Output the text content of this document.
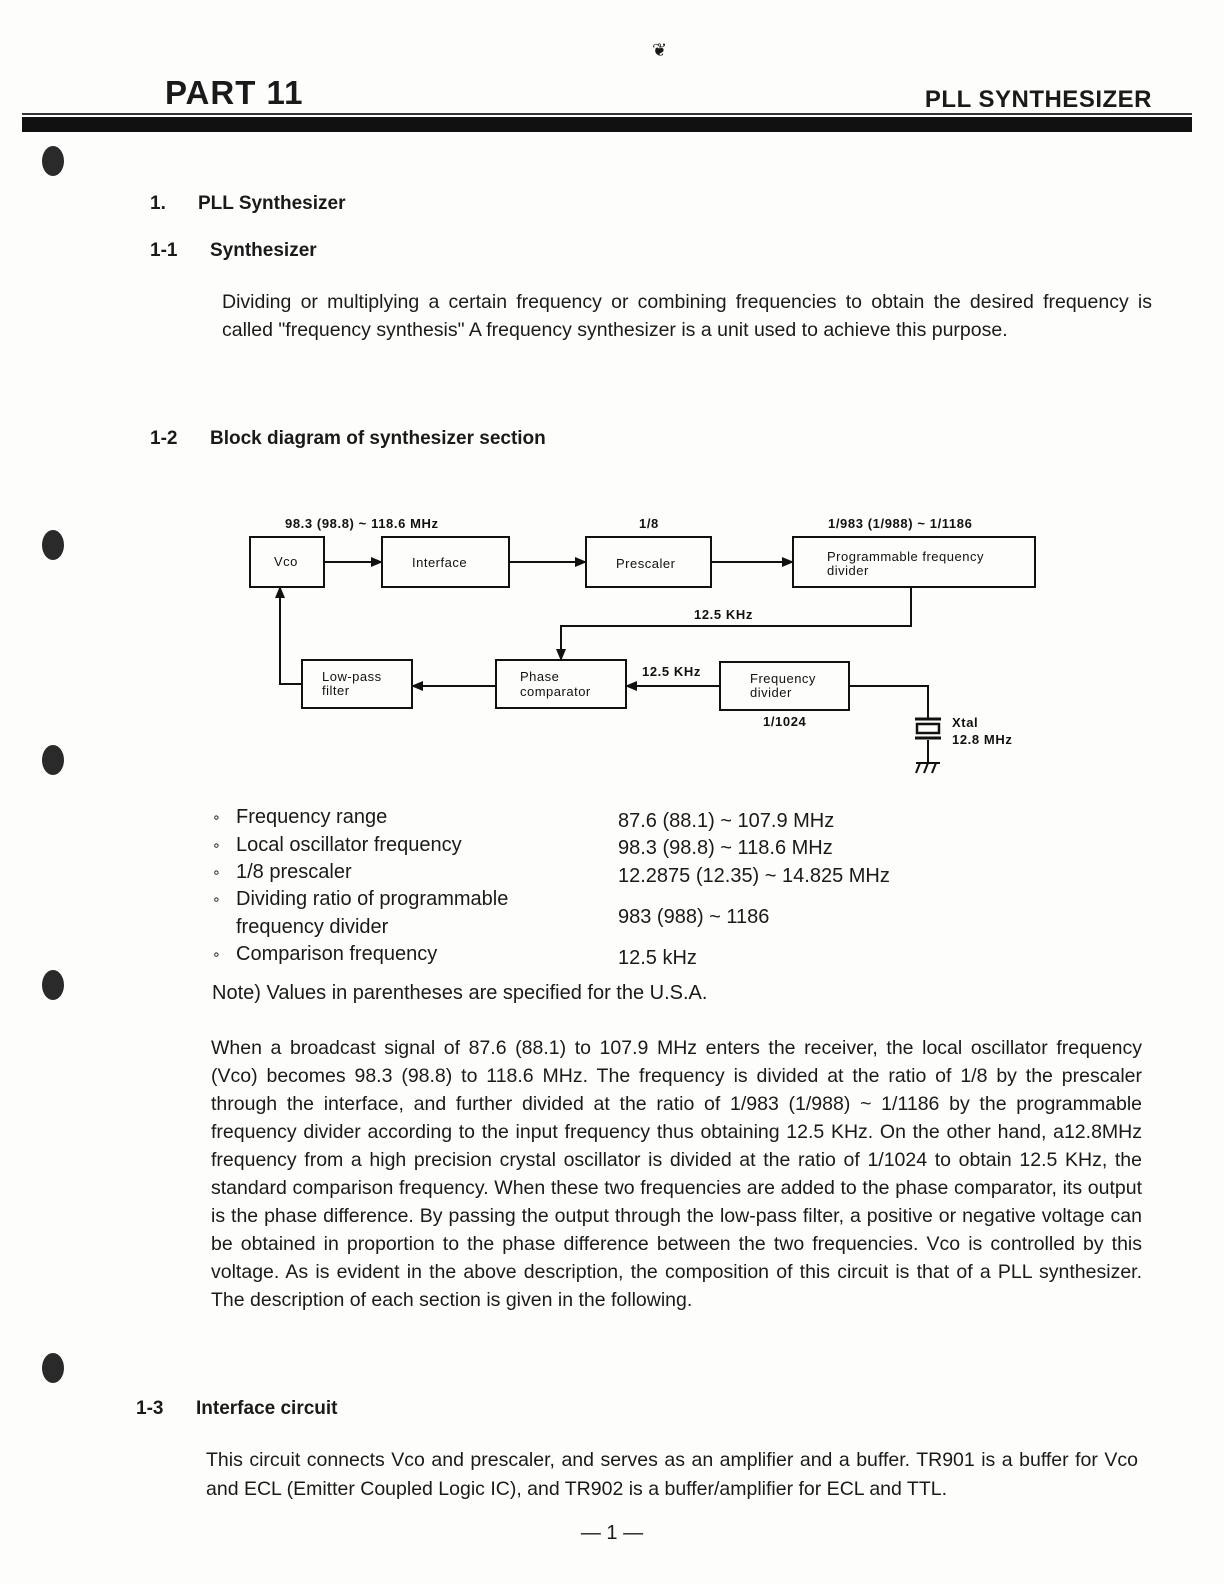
❦
PART 11	PLL SYNTHESIZER
1. PLL Synthesizer
1-1 Synthesizer
Dividing or multiplying a certain frequency or combining frequencies to obtain the desired frequency is called "frequency synthesis" A frequency synthesizer is a unit used to achieve this purpose.
1-2 Block diagram of synthesizer section
Vco	Interface	Prescaler	Programmable frequency
divider
Low-pass
filter
Phase
comparator
Frequency
divider
98.3 (98.8) ~ 118.6 MHz	1/8	1/983 (1/988) ~ 1/1186
12.5 KHz
12.5 KHz
1/1024	Xtal
12.8 MHz
∘ Frequency range	87.6 (88.1) ~ 107.9 MHz
∘ Local oscillator frequency	98.3 (98.8) ~ 118.6 MHz
∘ 1/8 prescaler	12.2875 (12.35) ~ 14.825 MHz
∘ Dividing ratio of programmable
frequency divider	983 (988) ~ 1186
∘ Comparison frequency	12.5 kHz
Note) Values in parentheses are specified for the U.S.A.
When a broadcast signal of 87.6 (88.1) to 107.9 MHz enters the receiver, the local oscillator frequency (Vco) becomes 98.3 (98.8) to 118.6 MHz. The frequency is divided at the ratio of 1/8 by the prescaler through the interface, and further divided at the ratio of 1/983 (1/988) ~ 1/1186 by the programmable frequency divider according to the input frequency thus obtaining 12.5 KHz. On the other hand, a12.8MHz frequency from a high precision crystal oscillator is divided at the ratio of 1/1024 to obtain 12.5 KHz, the standard comparison frequency. When these two frequencies are added to the phase comparator, its output is the phase difference. By passing the output through the low-pass filter, a positive or negative voltage can be obtained in proportion to the phase difference between the two frequencies. Vco is controlled by this voltage. As is evident in the above description, the composition of this circuit is that of a PLL synthesizer. The description of each section is given in the following.
1-3 Interface circuit
This circuit connects Vco and prescaler, and serves as an amplifier and a buffer. TR901 is a buffer for Vco and ECL (Emitter Coupled Logic IC), and TR902 is a buffer/amplifier for ECL and TTL.
— 1 —
